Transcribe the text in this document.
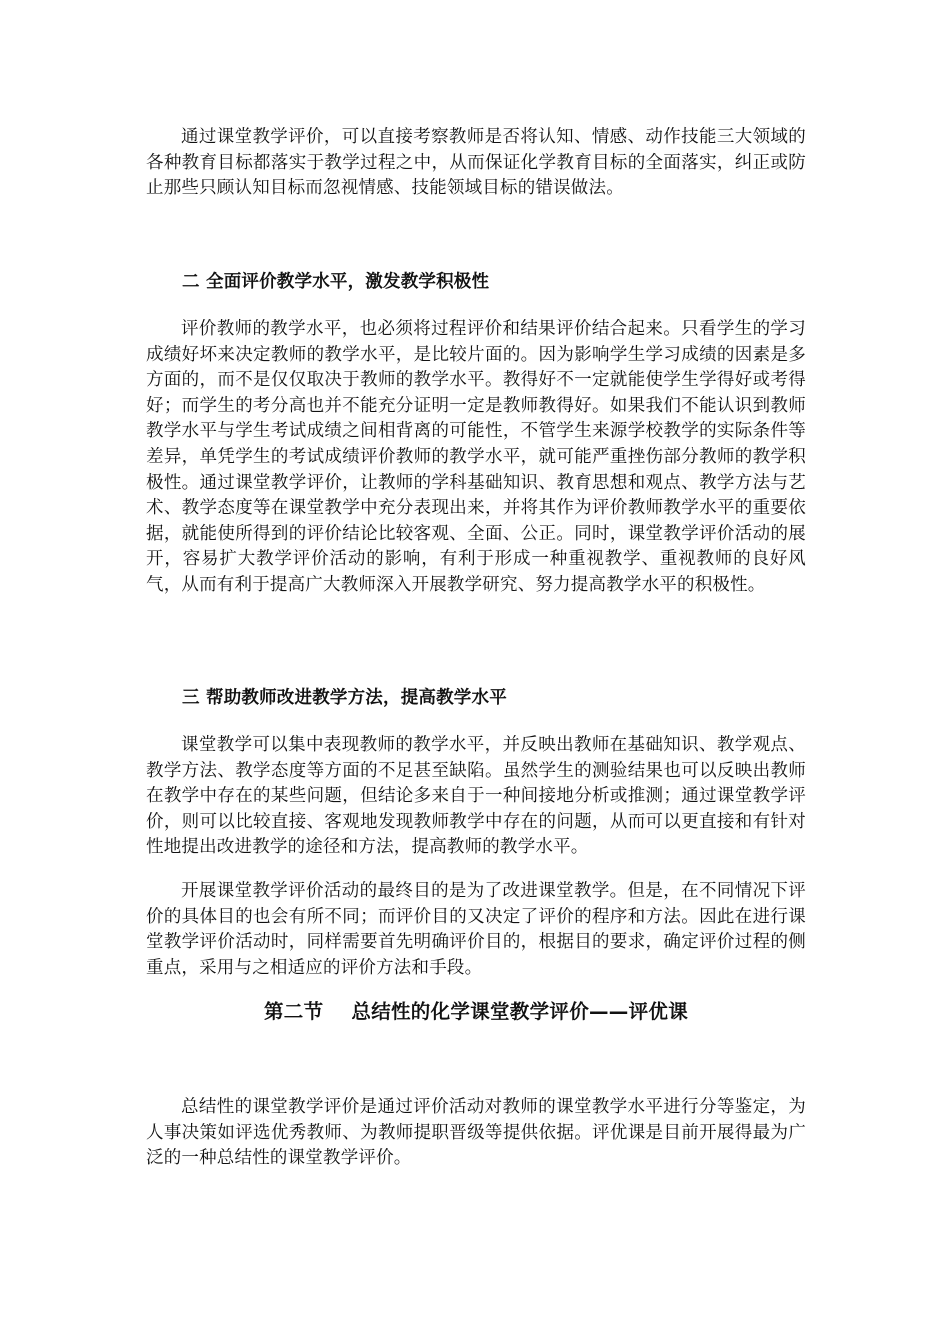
通过课堂教学评价，可以直接考察教师是否将认知、情感、动作技能三大领域的各种教育目标都落实于教学过程之中，从而保证化学教育目标的全面落实，纠正或防止那些只顾认知目标而忽视情感、技能领域目标的错误做法。

二 全面评价教学水平，激发教学积极性

评价教师的教学水平，也必须将过程评价和结果评价结合起来。只看学生的学习成绩好坏来决定教师的教学水平，是比较片面的。因为影响学生学习成绩的因素是多方面的，而不是仅仅取决于教师的教学水平。教得好不一定就能使学生学得好或考得好；而学生的考分高也并不能充分证明一定是教师教得好。如果我们不能认识到教师教学水平与学生考试成绩之间相背离的可能性，不管学生来源学校教学的实际条件等差异，单凭学生的考试成绩评价教师的教学水平，就可能严重挫伤部分教师的教学积极性。通过课堂教学评价，让教师的学科基础知识、教育思想和观点、教学方法与艺术、教学态度等在课堂教学中充分表现出来，并将其作为评价教师教学水平的重要依据，就能使所得到的评价结论比较客观、全面、公正。同时，课堂教学评价活动的展开，容易扩大教学评价活动的影响，有利于形成一种重视教学、重视教师的良好风气，从而有利于提高广大教师深入开展教学研究、努力提高教学水平的积极性。

三 帮助教师改进教学方法，提高教学水平

课堂教学可以集中表现教师的教学水平，并反映出教师在基础知识、教学观点、教学方法、教学态度等方面的不足甚至缺陷。虽然学生的测验结果也可以反映出教师在教学中存在的某些问题，但结论多来自于一种间接地分析或推测；通过课堂教学评价，则可以比较直接、客观地发现教师教学中存在的问题，从而可以更直接和有针对性地提出改进教学的途径和方法，提高教师的教学水平。

开展课堂教学评价活动的最终目的是为了改进课堂教学。但是，在不同情况下评价的具体目的也会有所不同；而评价目的又决定了评价的程序和方法。因此在进行课堂教学评价活动时，同样需要首先明确评价目的，根据目的要求，确定评价过程的侧重点，采用与之相适应的评价方法和手段。

第二节 总结性的化学课堂教学评价——评优课

总结性的课堂教学评价是通过评价活动对教师的课堂教学水平进行分等鉴定，为人事决策如评选优秀教师、为教师提职晋级等提供依据。评优课是目前开展得最为广泛的一种总结性的课堂教学评价。
